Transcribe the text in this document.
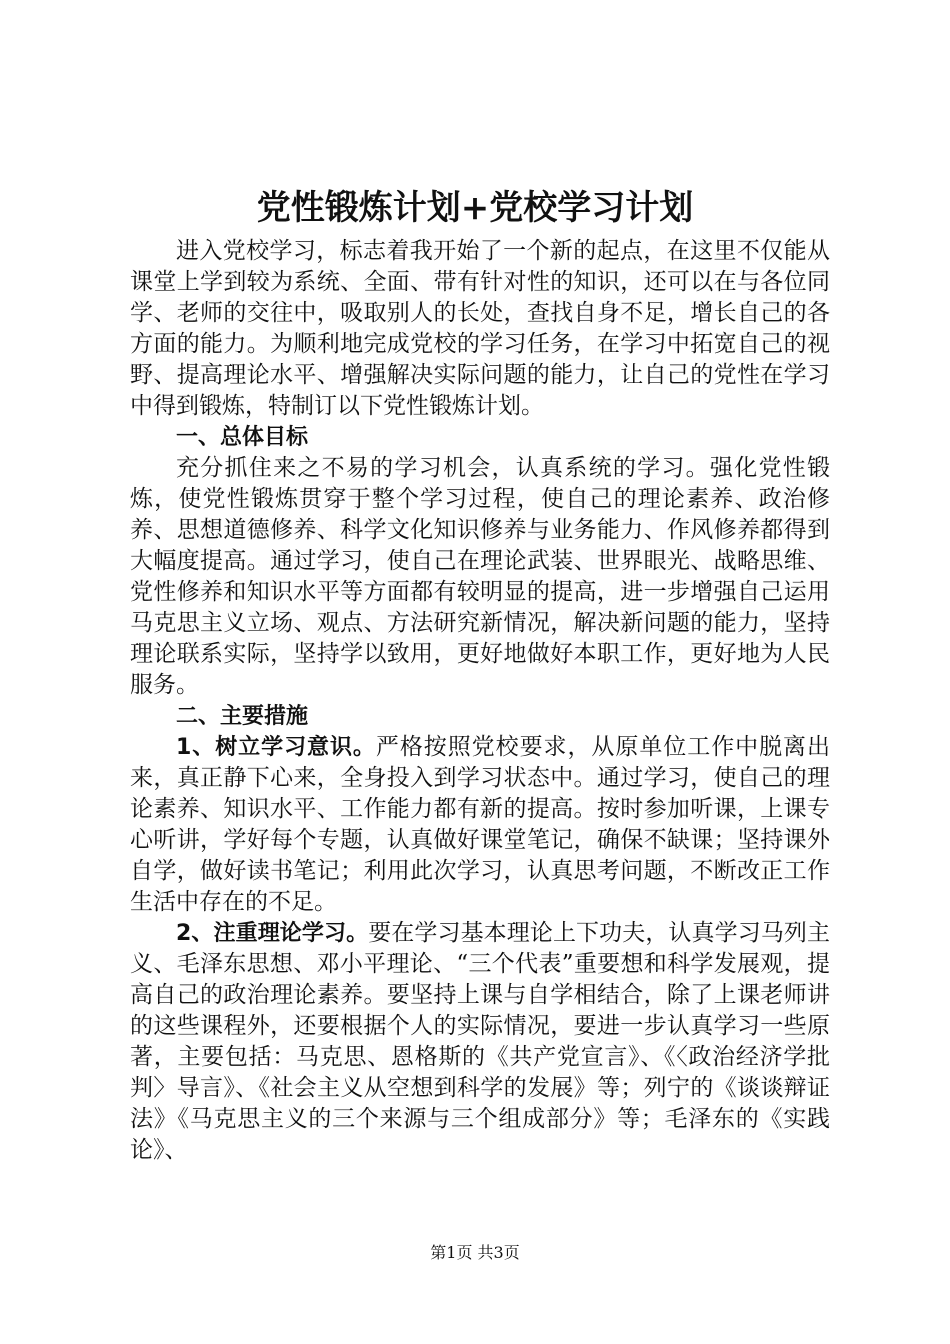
党性锻炼计划+党校学习计划

进入党校学习，标志着我开始了一个新的起点，在这里不仅能从课堂上学到较为系统、全面、带有针对性的知识，还可以在与各位同学、老师的交往中，吸取别人的长处，查找自身不足，增长自己的各方面的能力。为顺利地完成党校的学习任务，在学习中拓宽自己的视野、提高理论水平、增强解决实际问题的能力，让自己的党性在学习中得到锻炼，特制订以下党性锻炼计划。

一、总体目标

充分抓住来之不易的学习机会，认真系统的学习。强化党性锻炼，使党性锻炼贯穿于整个学习过程，使自己的理论素养、政治修养、思想道德修养、科学文化知识修养与业务能力、作风修养都得到大幅度提高。通过学习，使自己在理论武装、世界眼光、战略思维、党性修养和知识水平等方面都有较明显的提高，进一步增强自己运用马克思主义立场、观点、方法研究新情况，解决新问题的能力，坚持理论联系实际，坚持学以致用，更好地做好本职工作，更好地为人民服务。

二、主要措施

1、树立学习意识。严格按照党校要求，从原单位工作中脱离出来，真正静下心来，全身投入到学习状态中。通过学习，使自己的理论素养、知识水平、工作能力都有新的提高。按时参加听课，上课专心听讲，学好每个专题，认真做好课堂笔记，确保不缺课；坚持课外自学，做好读书笔记；利用此次学习，认真思考问题，不断改正工作生活中存在的不足。

2、注重理论学习。要在学习基本理论上下功夫，认真学习马列主义、毛泽东思想、邓小平理论、“三个代表”重要想和科学发展观，提高自己的政治理论素养。要坚持上课与自学相结合，除了上课老师讲的这些课程外，还要根据个人的实际情况，要进一步认真学习一些原著，主要包括：马克思、恩格斯的《共产党宣言》、《〈政治经济学批判〉导言》、《社会主义从空想到科学的发展》等；列宁的《谈谈辩证法》《马克思主义的三个来源与三个组成部分》等；毛泽东的《实践论》、

第1页 共3页
